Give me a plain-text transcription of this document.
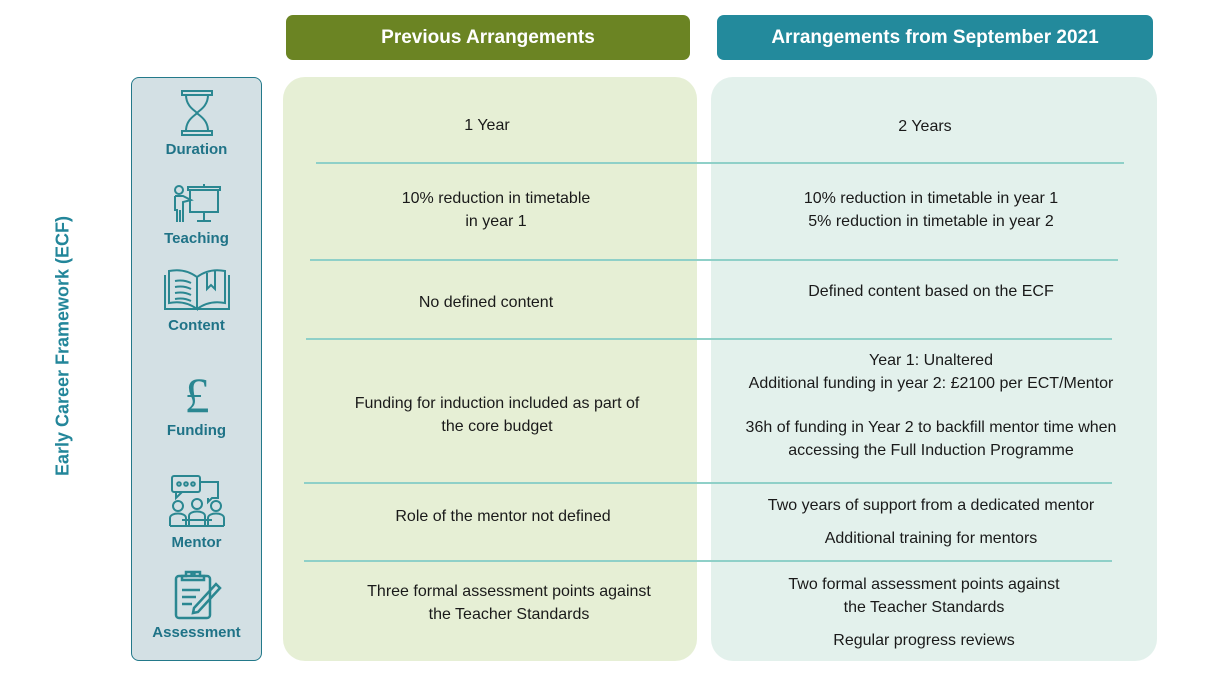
Previous Arrangements	Arrangements from September 2021
Early Career Framework (ECF)
Duration
Teaching
Content
£
Funding
Mentor
Assessment

1 Year

10% reduction in timetable

in year 1

No defined content

Funding for induction included as part of

the core budget

Role of the mentor not defined

Three formal assessment points against

the Teacher Standards

2 Years

10% reduction in timetable in year 1

5% reduction in timetable in year 2

Defined content based on the ECF

Year 1: Unaltered

Additional funding in year 2: £2100 per ECT/Mentor

36h of funding in Year 2 to backfill mentor time when

accessing the Full Induction Programme

Two years of support from a dedicated mentor

Additional training for mentors

Two formal assessment points against

the Teacher Standards

Regular progress reviews
